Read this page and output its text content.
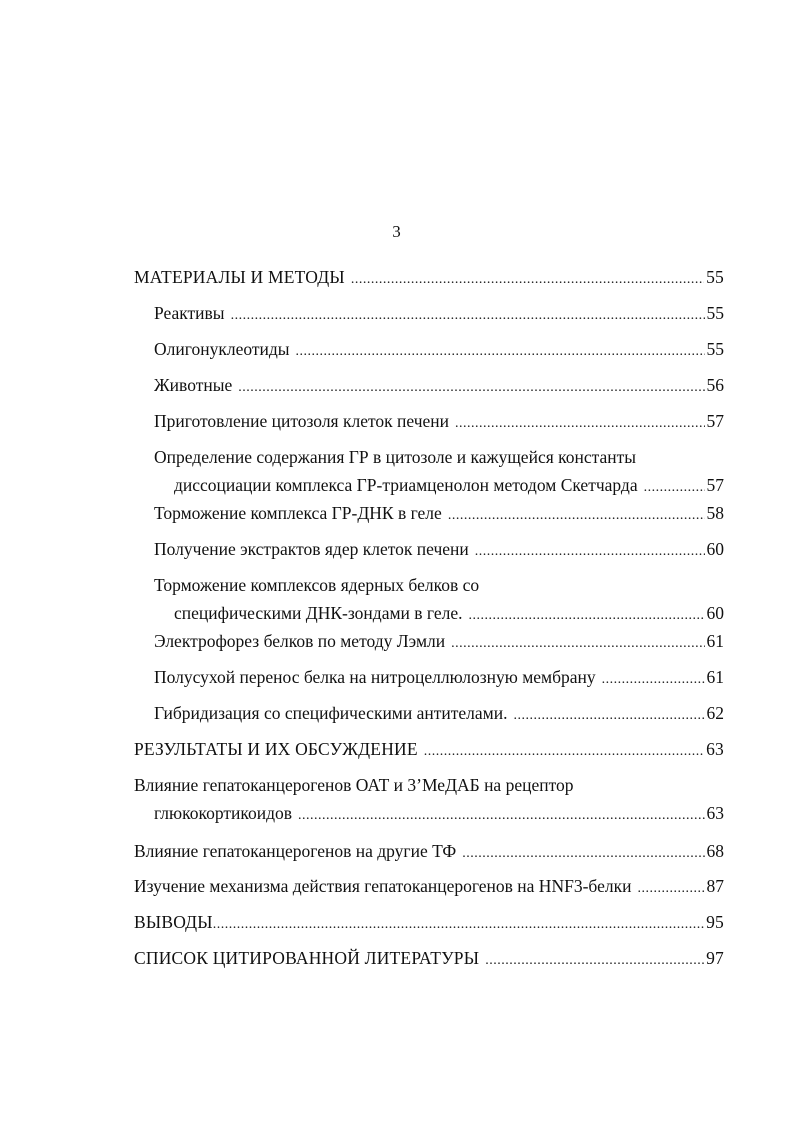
3
МАТЕРИАЛЫ И МЕТОДЫ .....	55
Реактивы .....	55
Олигонуклеотиды .....	55
Животные .....	56
Приготовление цитозоля клеток печени .....	57
Определение содержания ГР в цитозоле и кажущейся константы
диссоциации комплекса ГР-триамценолон методом Скетчарда .....	57
Торможение комплекса ГР-ДНК в геле .....	58
Получение экстрактов ядер клеток печени .....	60
Торможение комплексов ядерных белков со
специфическими ДНК-зондами в геле. .....	60
Электрофорез белков по методу Лэмли .....	61
Полусухой перенос белка на нитроцеллюлозную мембрану .....	61
Гибридизация со специфическими антителами. .....	62
РЕЗУЛЬТАТЫ И ИХ ОБСУЖДЕНИЕ .....	63
Влияние гепатоканцерогенов ОАТ и 3’МеДАБ на рецептор
глюкокортикоидов .....	63
Влияние гепатоканцерогенов на другие ТФ .....	68
Изучение механизма действия гепатоканцерогенов на HNF3-белки .....	87
ВЫВОДЫ .....	95
СПИСОК ЦИТИРОВАННОЙ ЛИТЕРАТУРЫ .....	97
